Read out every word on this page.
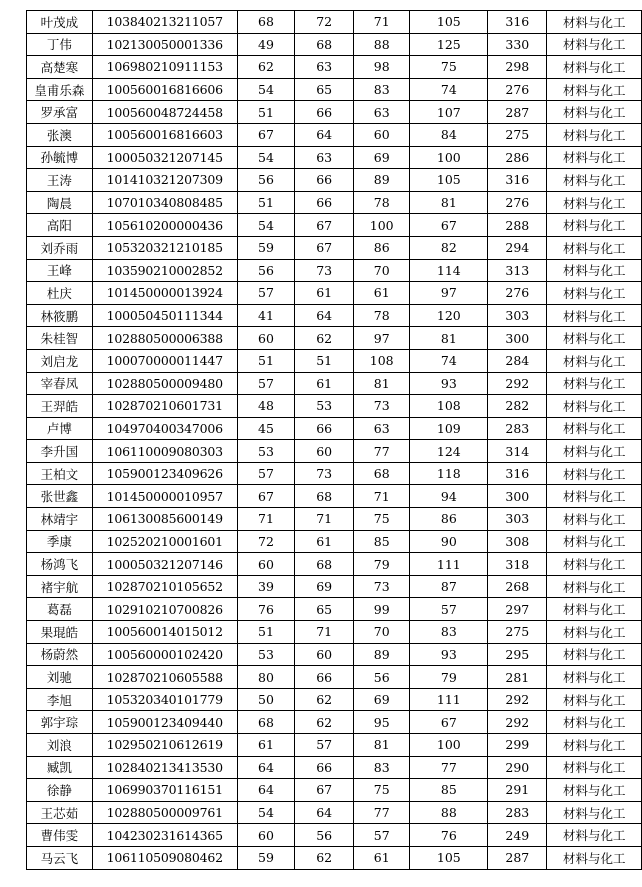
叶茂成	103840213211057	68	72	71	105	316	材料与化工
丁伟	102130050001336	49	68	88	125	330	材料与化工
高楚寒	106980210911153	62	63	98	75	298	材料与化工
皇甫乐森	100560016816606	54	65	83	74	276	材料与化工
罗承富	100560048724458	51	66	63	107	287	材料与化工
张澳	100560016816603	67	64	60	84	275	材料与化工
孙毓博	100050321207145	54	63	69	100	286	材料与化工
王涛	101410321207309	56	66	89	105	316	材料与化工
陶晨	107010340808485	51	66	78	81	276	材料与化工
高阳	105610200000436	54	67	100	67	288	材料与化工
刘乔雨	105320321210185	59	67	86	82	294	材料与化工
王峰	103590210002852	56	73	70	114	313	材料与化工
杜庆	101450000013924	57	61	61	97	276	材料与化工
林筱鹏	100050450111344	41	64	78	120	303	材料与化工
朱桂智	102880500006388	60	62	97	81	300	材料与化工
刘启龙	100070000011447	51	51	108	74	284	材料与化工
宰春凤	102880500009480	57	61	81	93	292	材料与化工
王羿皓	102870210601731	48	53	73	108	282	材料与化工
卢博	104970400347006	45	66	63	109	283	材料与化工
李升国	106110009080303	53	60	77	124	314	材料与化工
王柏文	105900123409626	57	73	68	118	316	材料与化工
张世鑫	101450000010957	67	68	71	94	300	材料与化工
林靖宇	106130085600149	71	71	75	86	303	材料与化工
季康	102520210001601	72	61	85	90	308	材料与化工
杨鸿飞	100050321207146	60	68	79	111	318	材料与化工
褚宇航	102870210105652	39	69	73	87	268	材料与化工
葛磊	102910210700826	76	65	99	57	297	材料与化工
果琨皓	100560014015012	51	71	70	83	275	材料与化工
杨蔚然	100560000102420	53	60	89	93	295	材料与化工
刘驰	102870210605588	80	66	56	79	281	材料与化工
李旭	105320340101779	50	62	69	111	292	材料与化工
郭宇琮	105900123409440	68	62	95	67	292	材料与化工
刘浪	102950210612619	61	57	81	100	299	材料与化工
臧凯	102840213413530	64	66	83	77	290	材料与化工
徐静	106990370116151	64	67	75	85	291	材料与化工
王芯茹	102880500009761	54	64	77	88	283	材料与化工
曹伟雯	104230231614365	60	56	57	76	249	材料与化工
马云飞	106110509080462	59	62	61	105	287	材料与化工
